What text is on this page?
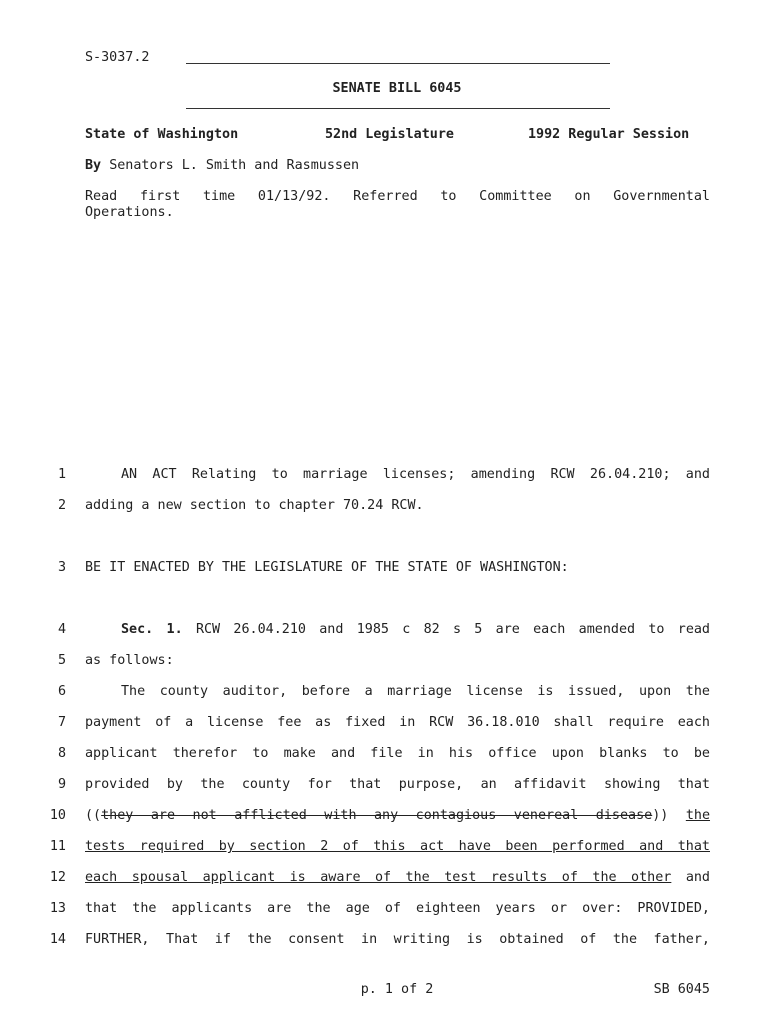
S-3037.2
SENATE BILL 6045
State of Washington	52nd Legislature	1992 Regular Session
By Senators L. Smith and Rasmussen
Read first time 01/13/92. Referred to Committee on Governmental
Operations.
1
2
3
4
5
6
7
8
9
10
11
12
13
14
AN ACT Relating to marriage licenses; amending RCW 26.04.210; and
adding a new section to chapter 70.24 RCW.
BE IT ENACTED BY THE LEGISLATURE OF THE STATE OF WASHINGTON:
Sec. 1. RCW 26.04.210 and 1985 c 82 s 5 are each amended to read
as follows:
The county auditor, before a marriage license is issued, upon the
payment of a license fee as fixed in RCW 36.18.010 shall require each
applicant therefor to make and file in his office upon blanks to be
provided by the county for that purpose, an affidavit showing that
((they are not afflicted with any contagious venereal disease)) the
tests required by section 2 of this act have been performed and that
each spousal applicant is aware of the test results of the other and
that the applicants are the age of eighteen years or over: PROVIDED,
FURTHER, That if the consent in writing is obtained of the father,
p. 1 of 2	SB 6045
